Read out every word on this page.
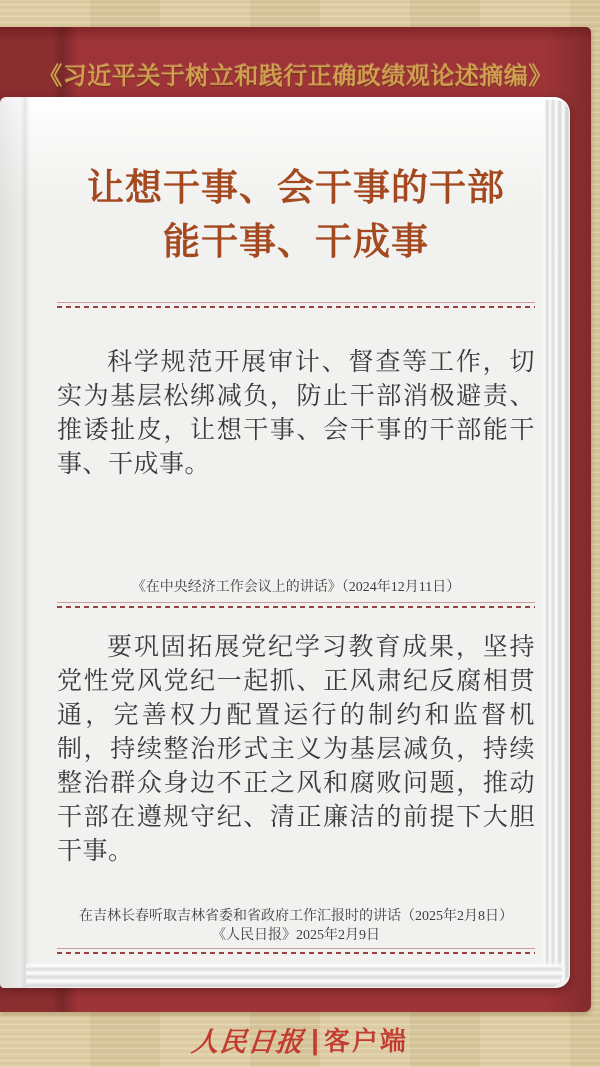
《习近平关于树立和践行正确政绩观论述摘编》
让想干事、会干事的干部
能干事、干成事

科学规范开展审计、督查等工作，切实为基层松绑减负，防止干部消极避责、推诿扯皮，让想干事、会干事的干部能干事、干成事。

《在中央经济工作会议上的讲话》（2024年12月11日）

要巩固拓展党纪学习教育成果，坚持党性党风党纪一起抓、正风肃纪反腐相贯通，完善权力配置运行的制约和监督机制，持续整治形式主义为基层减负，持续整治群众身边不正之风和腐败问题，推动干部在遵规守纪、清正廉洁的前提下大胆干事。

在吉林长春听取吉林省委和省政府工作汇报时的讲话（2025年2月8日）
《人民日报》2025年2月9日
人民日报 | 客户端
